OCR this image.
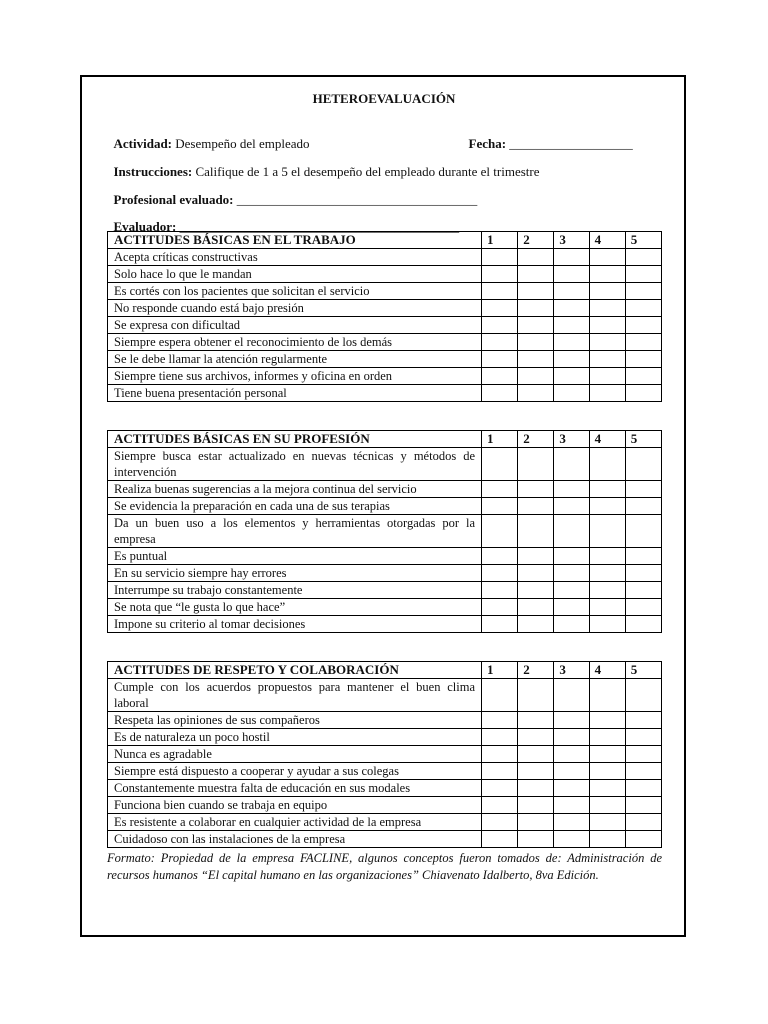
HETEROEVALUACIÓN

Actividad: Desempeño del empleado	Fecha: ___________________

Instrucciones: Califique de 1 a 5 el desempeño del empleado durante el trimestre

Profesional evaluado: _____________________________________

Evaluador: ___________________________________________

ACTITUDES BÁSICAS EN EL TRABAJO	1	2	3	4	5
Acepta críticas constructivas					
Solo hace lo que le mandan					
Es cortés con los pacientes que solicitan el servicio					
No responde cuando está bajo presión					
Se expresa con dificultad					
Siempre espera obtener el reconocimiento de los demás					
Se le debe llamar la atención regularmente					
Siempre tiene sus archivos, informes y oficina en orden					
Tiene buena presentación personal					
ACTITUDES BÁSICAS EN SU PROFESIÓN	1	2	3	4	5
Siempre busca estar actualizado en nuevas técnicas y métodos de intervención					
Realiza buenas sugerencias a la mejora continua del servicio					
Se evidencia la preparación en cada una de sus terapias					
Da un buen uso a los elementos y herramientas otorgadas por la empresa					
Es puntual					
En su servicio siempre hay errores					
Interrumpe su trabajo constantemente					
Se nota que “le gusta lo que hace”					
Impone su criterio al tomar decisiones					
ACTITUDES DE RESPETO Y COLABORACIÓN	1	2	3	4	5
Cumple con los acuerdos propuestos para mantener el buen clima laboral					
Respeta las opiniones de sus compañeros					
Es de naturaleza un poco hostil					
Nunca es agradable					
Siempre está dispuesto a cooperar y ayudar a sus colegas					
Constantemente muestra falta de educación en sus modales					
Funciona bien cuando se trabaja en equipo					
Es resistente a colaborar en cualquier actividad de la empresa					
Cuidadoso con las instalaciones de la empresa					
Formato: Propiedad de la empresa FACLINE, algunos conceptos fueron tomados de: Administración de recursos humanos “El capital humano en las organizaciones” Chiavenato Idalberto, 8va Edición.
